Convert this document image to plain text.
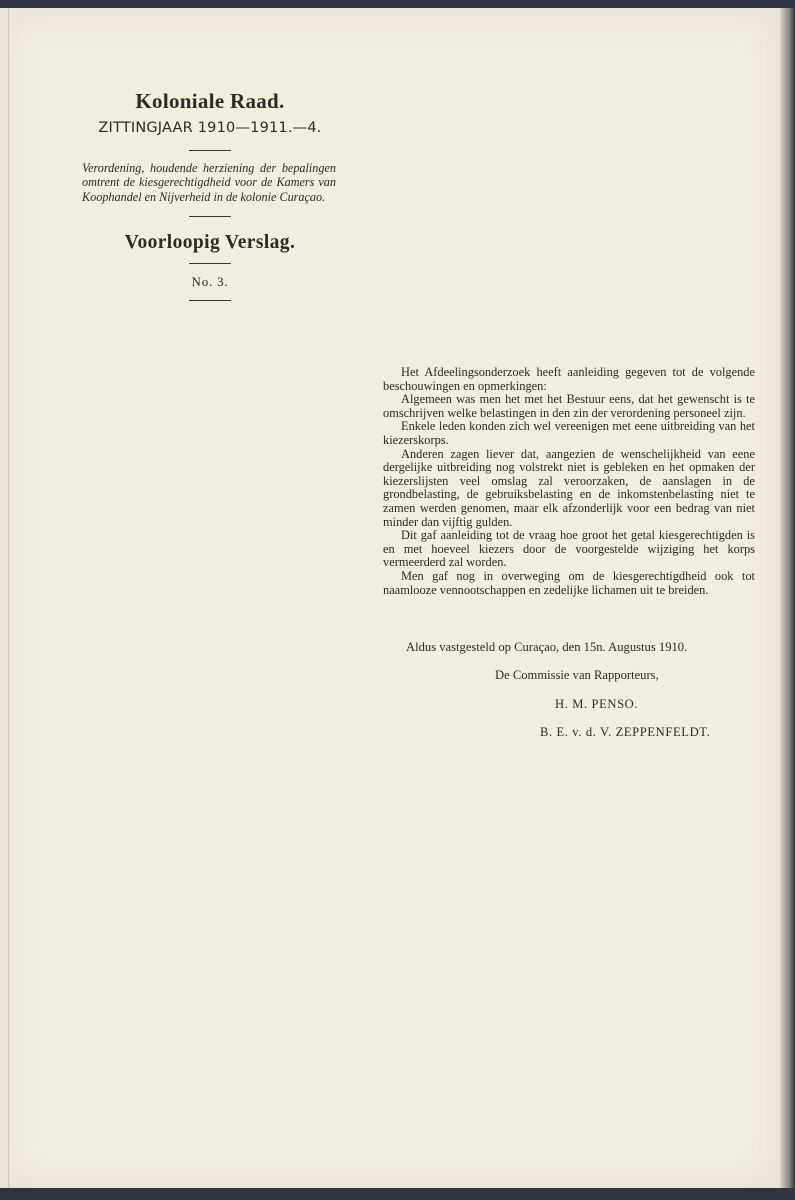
Koloniale Raad.

ZITTINGJAAR 1910—1911.—4.

Verordening, houdende herziening der bepalingen omtrent de kiesgerechtigdheid voor de Kamers van Koophandel en Nijverheid in de kolonie Curaçao.

Voorloopig Verslag.

No. 3.

Het Afdeelingsonderzoek heeft aanleiding gegeven tot de volgende beschouwingen en opmerkingen:

Algemeen was men het met het Bestuur eens, dat het gewenscht is te omschrijven welke belastingen in den zin der verordening personeel zijn.

Enkele leden konden zich wel vereenigen met eene uitbreiding van het kiezerskorps.

Anderen zagen liever dat, aangezien de wenschelijkheid van eene dergelijke uitbreiding nog volstrekt niet is gebleken en het opmaken der kiezerslijsten veel omslag zal veroorzaken, de aanslagen in de grondbelasting, de gebruiksbelasting en de inkomstenbelasting niet te zamen werden genomen, maar elk afzonderlijk voor een bedrag van niet minder dan vijftig gulden.

Dit gaf aanleiding tot de vraag hoe groot het getal kiesgerechtigden is en met hoeveel kiezers door de voorgestelde wijziging het korps vermeerderd zal worden.

Men gaf nog in overweging om de kiesgerechtigdheid ook tot naamlooze vennootschappen en zedelijke lichamen uit te breiden.

Aldus vastgesteld op Curaçao, den 15n. Augustus 1910.

De Commissie van Rapporteurs,

H. M. PENSO.

B. E. v. d. V. ZEPPENFELDT.
